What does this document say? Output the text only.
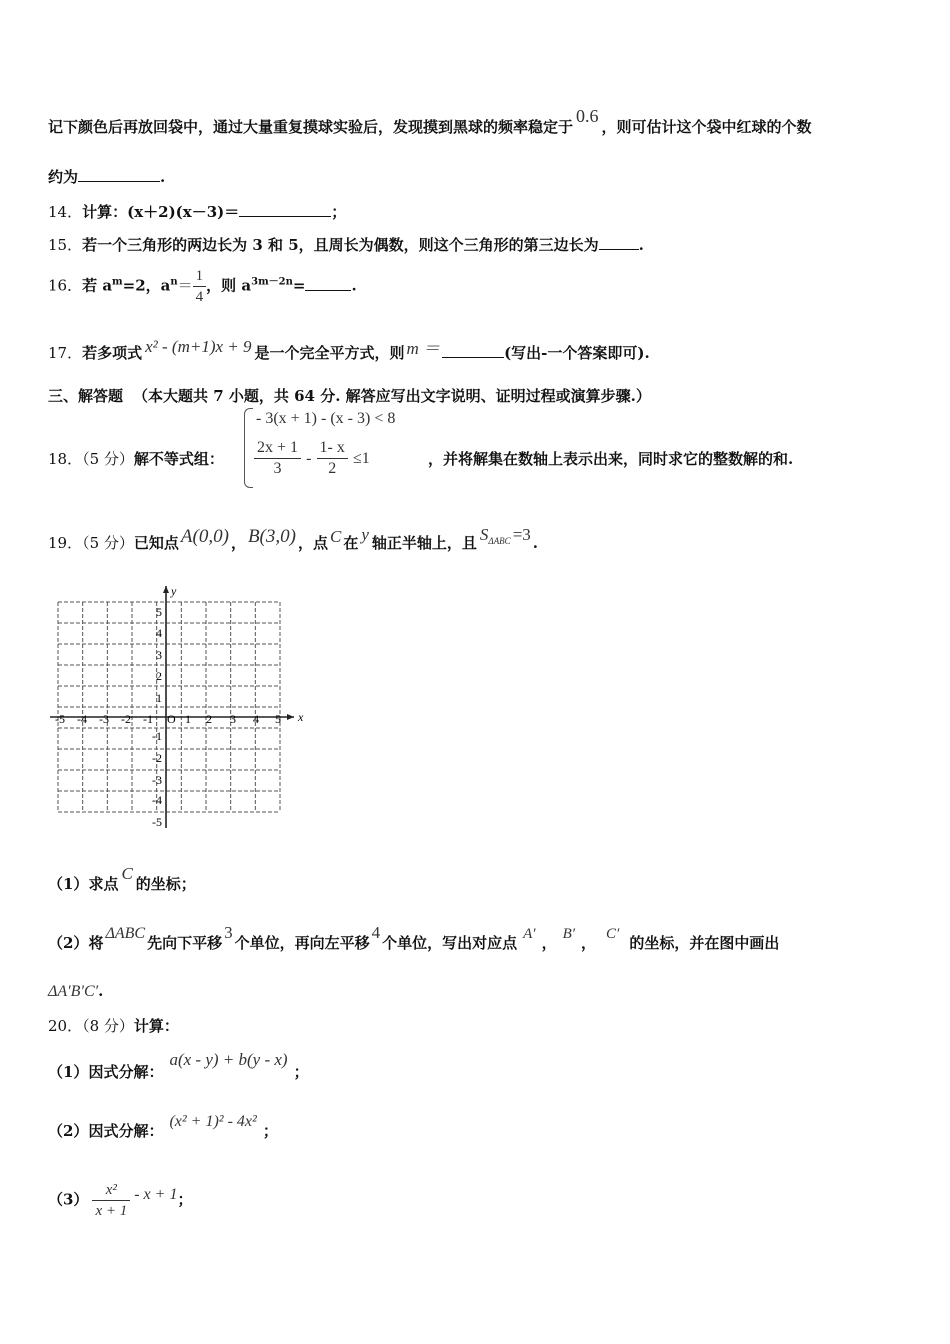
记下颜色后再放回袋中，通过大量重复摸球实验后，发现摸到黑球的频率稳定于0.6，则可估计这个袋中红球的个数
约为	.
14．计算：(x＋2)(x－3)＝	；
15．若一个三角形的两边长为 3 和 5，且周长为偶数，则这个三角形的第三边长为	.
16．若 $a^m=2$，$a^n= \frac{1}{4}$ ，则 $a^{3m-2n}=$	.
17．若多项式 x² - (m+1)x + 9 是一个完全平方式，则 m ＝	(写出-一个答案即可).
三、解答题 （本大题共 7 小题，共 64 分. 解答应写出文字说明、证明过程或演算步骤.）
18．（5 分）解不等式组：
- 3(x + 1) - (x - 3) < 8
$\frac{2x + 1}{3} - \frac{1- x}{2} \le 1$	，并将解集在数轴上表示出来，同时求它的整数解的和.
19．（5 分）已知点 A(0,0) ， B(3,0) ，点 C 在 y 轴正半轴上，且 $S^{\Delta ABC} =3$ .
x
y
O
-5 -4 -3 -2 -1	1 2 3 4 5
5
4
3
2
1
-1
-2
-3
-4
-5
（1）求点C的坐标；
（2）将ΔABC先向下平移3个单位，再向左平移4个单位，写出对应点 A′ ， B′ ， C′ 的坐标，并在图中画出
ΔA′B′C′.
20．（8 分）计算：
（1）因式分解：a(x - y) + b(y - x)；
（2）因式分解：(x² + 1)² - 4x²；
$(3) \frac{\text{x²}}{x + 1} - x + 1$；
